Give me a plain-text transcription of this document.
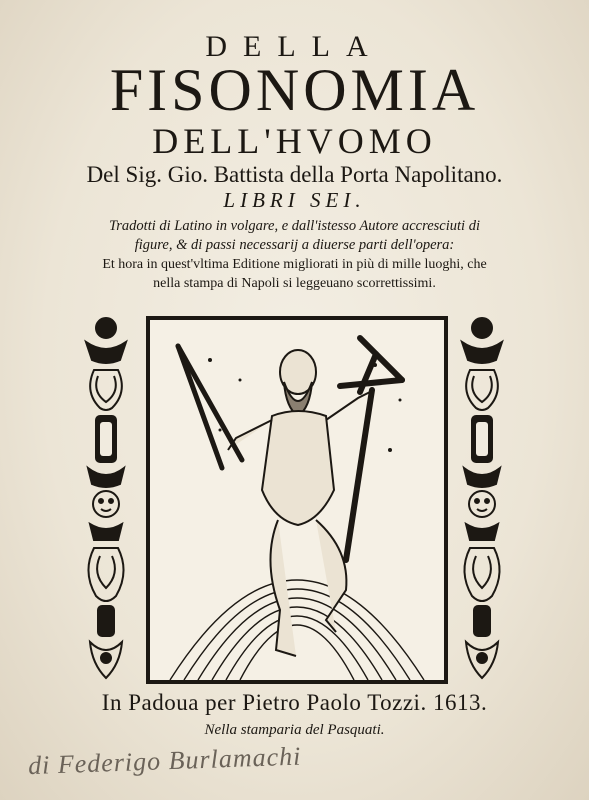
DELLA
FISONOMIA
DELL'HVOMO
Del Sig. Gio. Battista della Porta Napolitano.
LIBRI SEI.
Tradotti di Latino in volgare, e dall'istesso Autore accresciuti di
figure, & di passi necessarij a diuerse parti dell'opera:
Et hora in quest'vltima Editione migliorati in più di mille luoghi, che
nella stampa di Napoli si leggeuano scorrettissimi.
In Padoua per Pietro Paolo Tozzi. 1613.
Nella stamparia del Pasquati.
di Federigo Burlamachi
